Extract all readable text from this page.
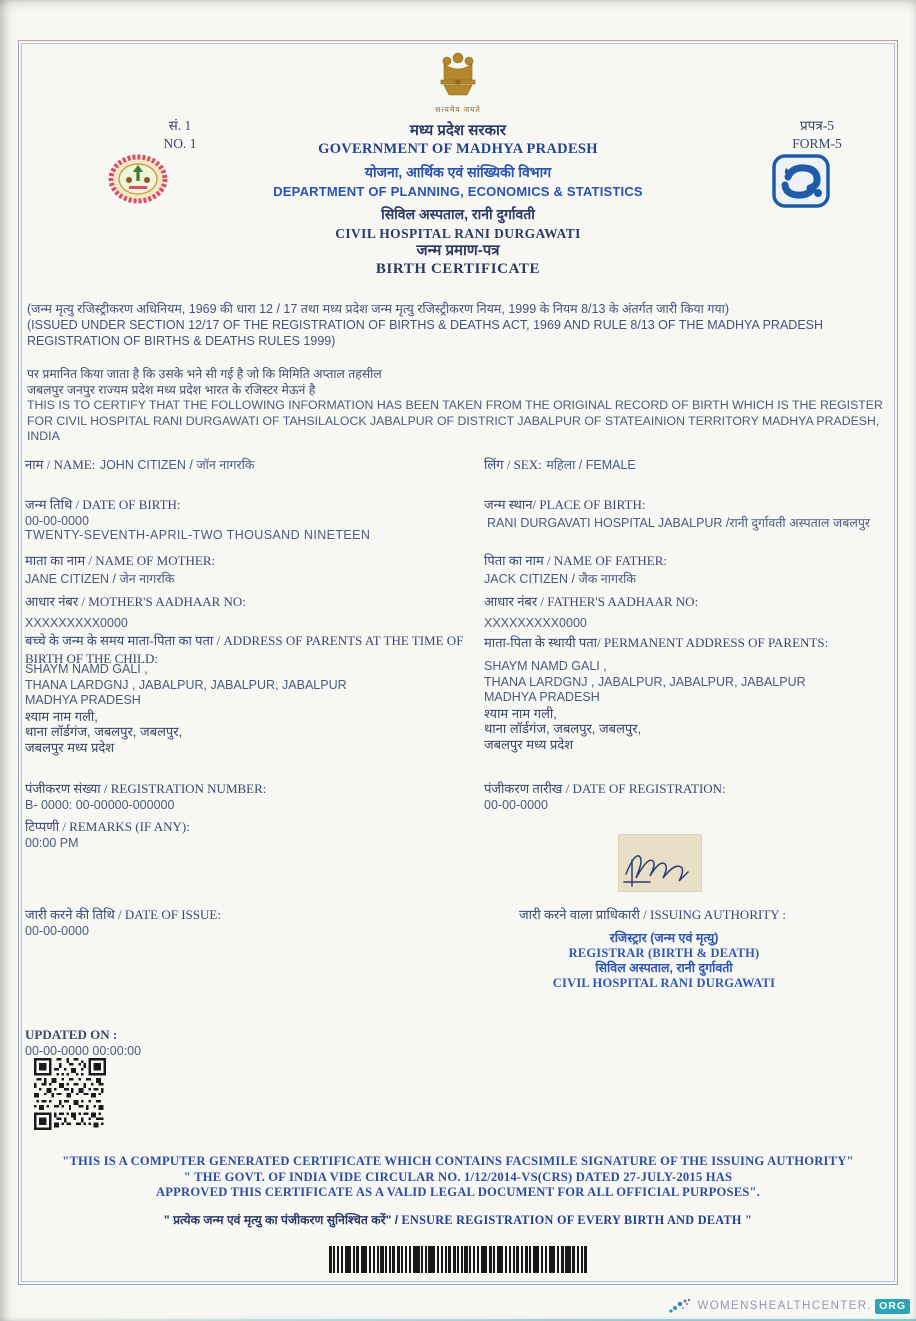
सत्यमेव जयते
सं. 1
NO. 1
प्रपत्र-5
FORM-5
मध्य प्रदेश सरकार
GOVERNMENT OF MADHYA PRADESH
योजना, आर्थिक एवं सांख्यिकी विभाग
DEPARTMENT OF PLANNING, ECONOMICS & STATISTICS
सिविल अस्पताल, रानी दुर्गावती
CIVIL HOSPITAL RANI DURGAWATI
जन्म प्रमाण-पत्र
BIRTH CERTIFICATE
(जन्म मृत्यु रजिस्ट्रीकरण अधिनियम, 1969 की धारा 12 / 17 तथा मध्य प्रदेश जन्म मृत्यु रजिस्ट्रीकरण नियम, 1999 के नियम 8/13 के अंतर्गत जारी किया गया)
(ISSUED UNDER SECTION 12/17 OF THE REGISTRATION OF BIRTHS & DEATHS ACT, 1969 AND RULE 8/13 OF THE MADHYA PRADESH REGISTRATION OF BIRTHS & DEATHS RULES 1999)
पर प्रमानित किया जाता है कि उसके भने सी गई है जो कि मिमिति अप्ताल तहसील
जबलपुर जनपुर राज्यम प्रदेश मध्य प्रदेश भारत के रजिस्टर मेऊनं है
THIS IS TO CERTIFY THAT THE FOLLOWING INFORMATION HAS BEEN TAKEN FROM THE ORIGINAL RECORD OF BIRTH WHICH IS THE REGISTER FOR CIVIL HOSPITAL RANI DURGAWATI OF TAHSILALOCK JABALPUR OF DISTRICT JABALPUR OF STATEAINION TERRITORY MADHYA PRADESH, INDIA
नाम / NAME: JOHN CITIZEN / जॉन नागरकि	लिंग / SEX: महिला / FEMALE
जन्म तिथि / DATE OF BIRTH:
00-00-0000
TWENTY-SEVENTH-APRIL-TWO THOUSAND NINETEEN
जन्म स्थान/ PLACE OF BIRTH:
RANI DURGAVATI HOSPITAL JABALPUR /रानी दुर्गावती अस्पताल जबलपुर
माता का नाम / NAME OF MOTHER:
JANE CITIZEN / जेन नागरकि
पिता का नाम / NAME OF FATHER:
JACK CITIZEN / जैक नागरकि
आधार नंबर / MOTHER'S AADHAAR NO:
XXXXXXXXX0000
आधार नंबर / FATHER'S AADHAAR NO:
XXXXXXXXX0000
बच्चे के जन्म के समय माता-पिता का पता / ADDRESS OF PARENTS AT THE TIME OF BIRTH OF THE CHILD:
SHAYM NAMD GALI ,
THANA LARDGNJ , JABALPUR, JABALPUR, JABALPUR
MADHYA PRADESH
श्याम नाम गली,
थाना लॉर्डगंज, जबलपुर, जबलपुर,
जबलपुर मध्य प्रदेश
माता-पिता के स्थायी पता/ PERMANENT ADDRESS OF PARENTS:
SHAYM NAMD GALI ,
THANA LARDGNJ , JABALPUR, JABALPUR, JABALPUR
MADHYA PRADESH
श्याम नाम गली,
थाना लॉर्डगंज, जबलपुर, जबलपुर,
जबलपुर मध्य प्रदेश
पंजीकरण संख्या / REGISTRATION NUMBER:
B- 0000: 00-00000-000000
पंजीकरण तारीख / DATE OF REGISTRATION:
00-00-0000
टिप्पणी / REMARKS (IF ANY):
00:00 PM
जारी करने की तिथि / DATE OF ISSUE:
00-00-0000
जारी करने वाला प्राधिकारी / ISSUING AUTHORITY :
रजिस्ट्रार (जन्म एवं मृत्यु)
REGISTRAR (BIRTH & DEATH)
सिविल अस्पताल, रानी दुर्गावती
CIVIL HOSPITAL RANI DURGAWATI
UPDATED ON :
00-00-0000 00:00:00
"THIS IS A COMPUTER GENERATED CERTIFICATE WHICH CONTAINS FACSIMILE SIGNATURE OF THE ISSUING AUTHORITY"
" THE GOVT. OF INDIA VIDE CIRCULAR NO. 1/12/2014-VS(CRS) DATED 27-JULY-2015 HAS
APPROVED THIS CERTIFICATE AS A VALID LEGAL DOCUMENT FOR ALL OFFICIAL PURPOSES".
" प्रत्येक जन्म एवं मृत्यु का पंजीकरण सुनिश्चित करें" / ENSURE REGISTRATION OF EVERY BIRTH AND DEATH "
WOMENSHEALTHCENTER. ORG
